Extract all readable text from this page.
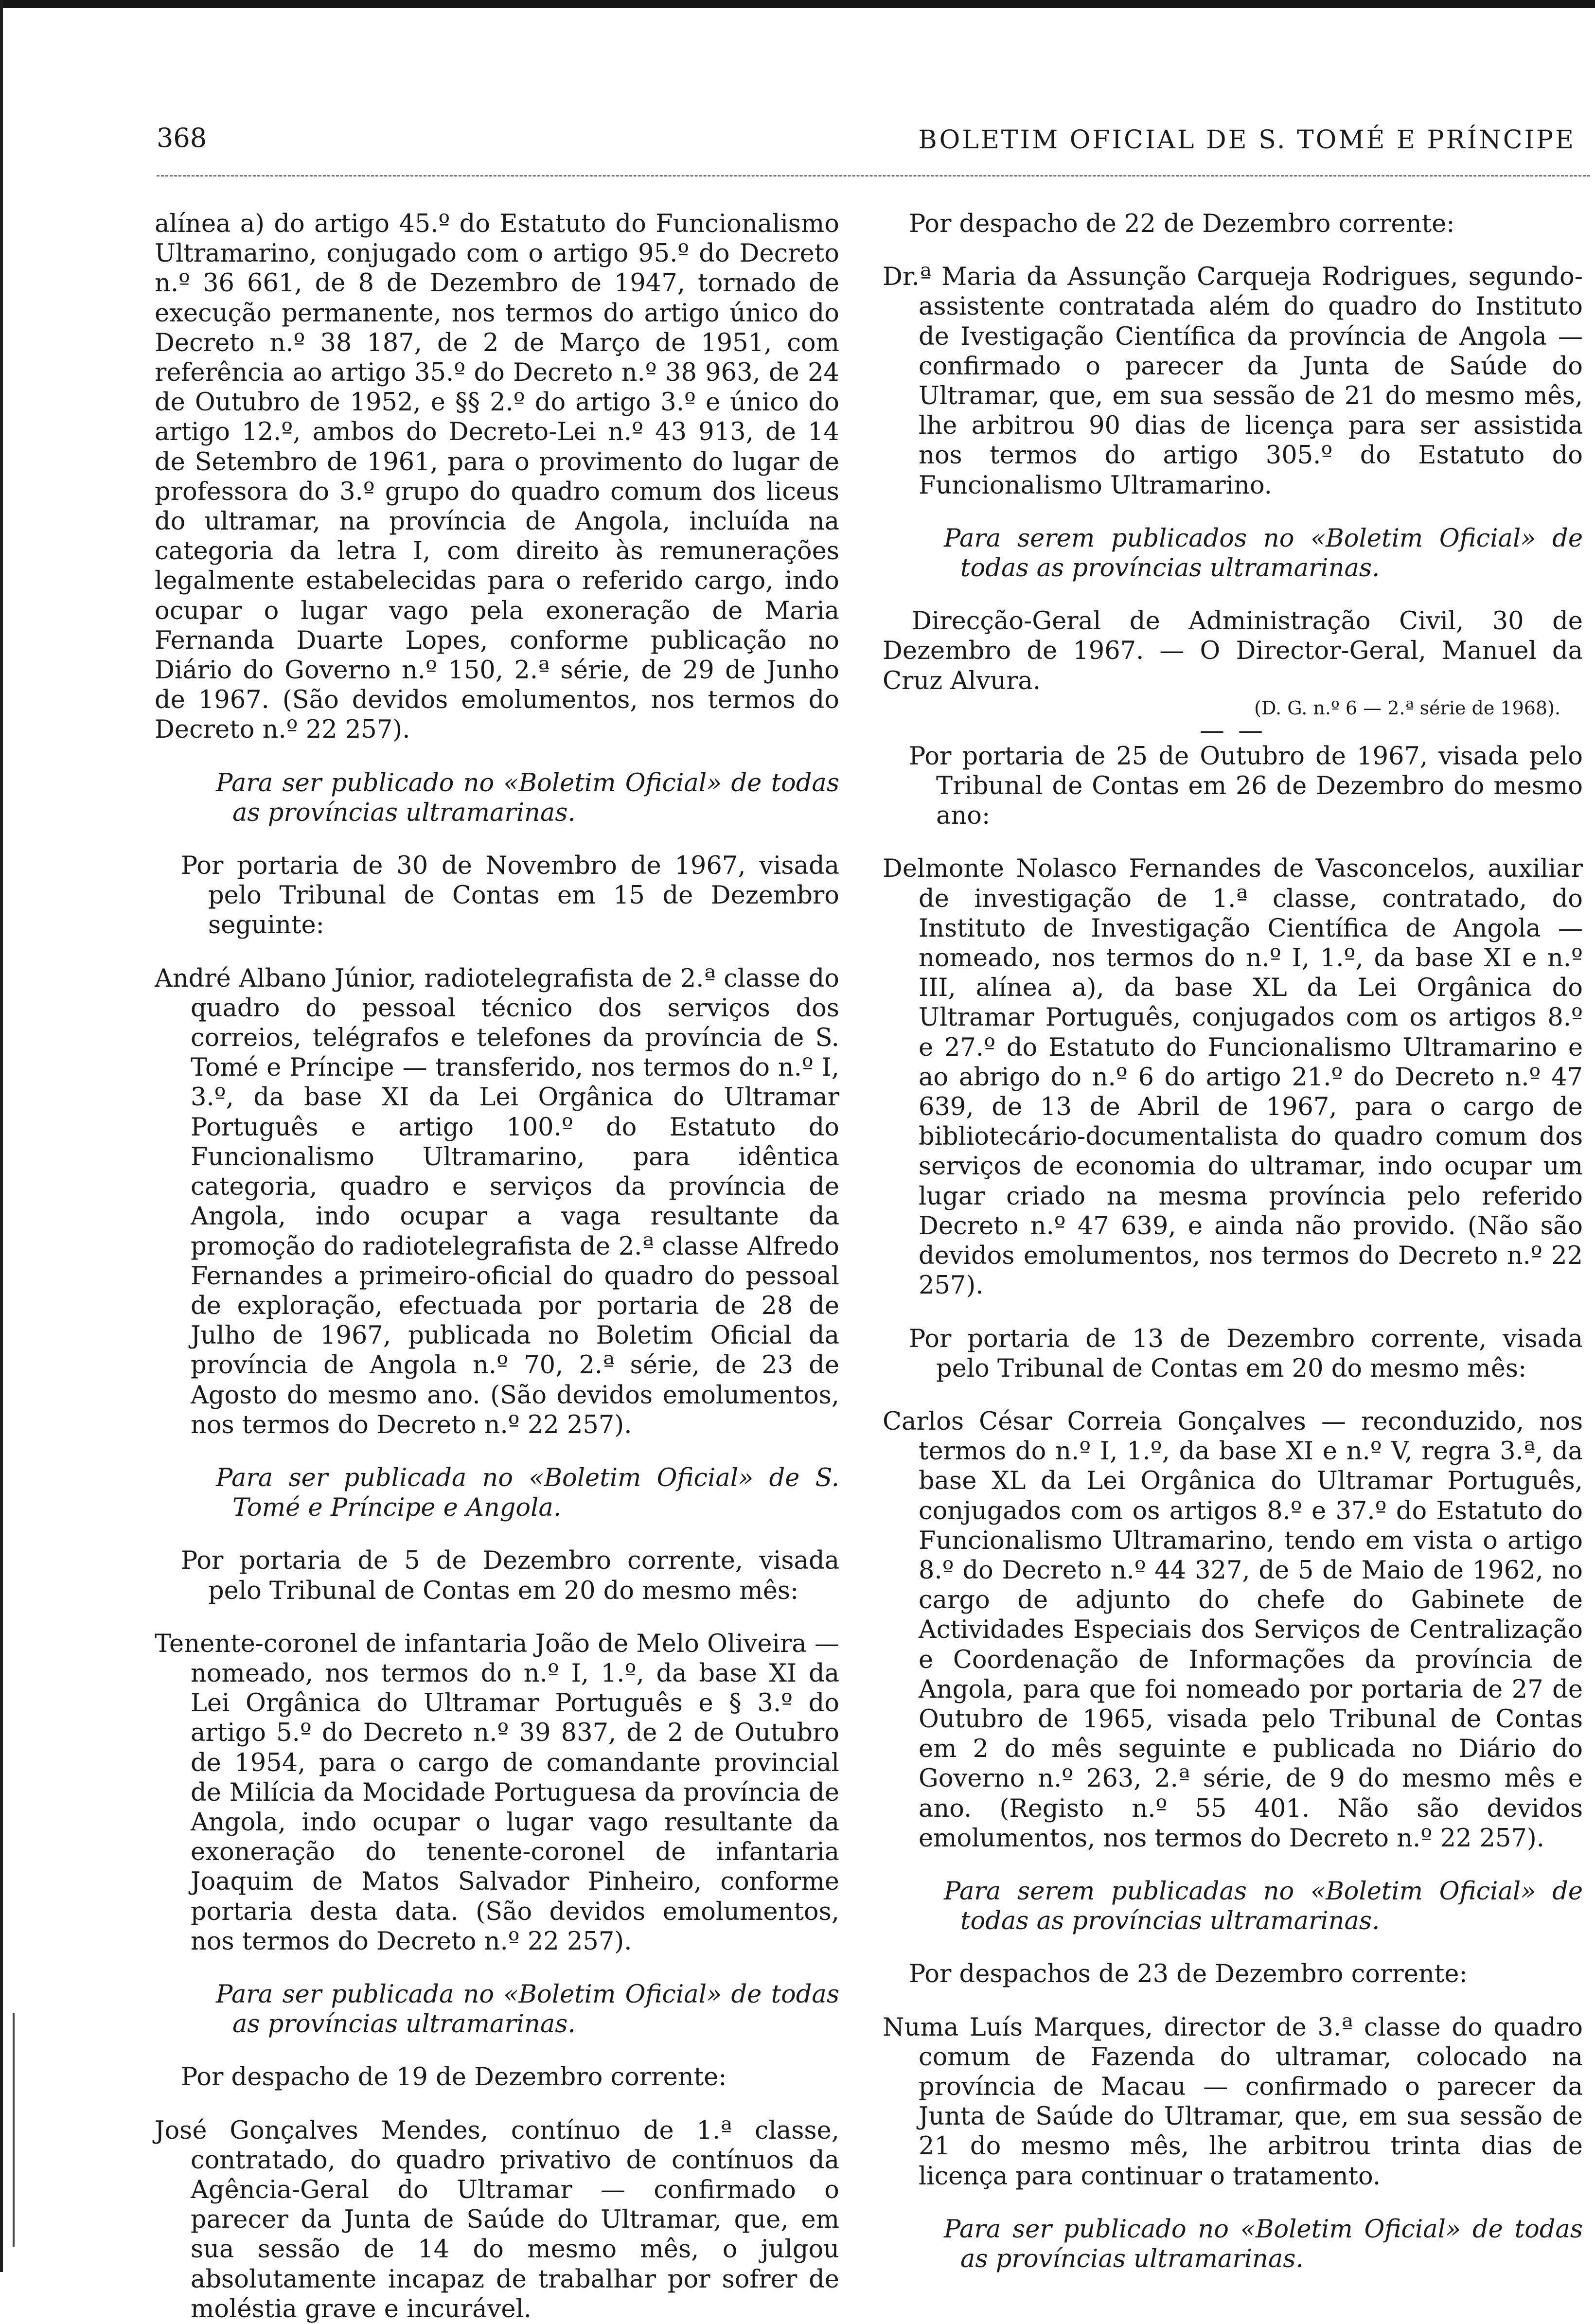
368	BOLETIM OFICIAL DE S. TOMÉ E PRÍNCIPE

alínea a) do artigo 45.º do Estatuto do Funcionalismo Ultramarino, conjugado com o artigo 95.º do Decreto n.º 36 661, de 8 de Dezembro de 1947, tornado de execução permanente, nos termos do artigo único do Decreto n.º 38 187, de 2 de Março de 1951, com referência ao artigo 35.º do Decreto n.º 38 963, de 24 de Outubro de 1952, e §§ 2.º do artigo 3.º e único do artigo 12.º, ambos do Decreto-Lei n.º 43 913, de 14 de Setembro de 1961, para o provimento do lugar de professora do 3.º grupo do quadro comum dos liceus do ultramar, na província de Angola, incluída na categoria da letra I, com direito às remunerações legalmente estabelecidas para o referido cargo, indo ocupar o lugar vago pela exoneração de Maria Fernanda Duarte Lopes, conforme publicação no Diário do Governo n.º 150, 2.ª série, de 29 de Junho de 1967. (São devidos emolumentos, nos termos do Decreto n.º 22 257).

Para ser publicado no «Boletim Oficial» de todas as províncias ultramarinas.

Por portaria de 30 de Novembro de 1967, visada pelo Tribunal de Contas em 15 de Dezembro seguinte:

André Albano Júnior, radiotelegrafista de 2.ª classe do quadro do pessoal técnico dos serviços dos correios, telégrafos e telefones da província de S. Tomé e Príncipe — transferido, nos termos do n.º I, 3.º, da base XI da Lei Orgânica do Ultramar Português e artigo 100.º do Estatuto do Funcionalismo Ultramarino, para idêntica categoria, quadro e serviços da província de Angola, indo ocupar a vaga resultante da promoção do radiotelegrafista de 2.ª classe Alfredo Fernandes a primeiro-oficial do quadro do pessoal de exploração, efectuada por portaria de 28 de Julho de 1967, publicada no Boletim Oficial da província de Angola n.º 70, 2.ª série, de 23 de Agosto do mesmo ano. (São devidos emolumentos, nos termos do Decreto n.º 22 257).

Para ser publicada no «Boletim Oficial» de S. Tomé e Príncipe e Angola.

Por portaria de 5 de Dezembro corrente, visada pelo Tribunal de Contas em 20 do mesmo mês:

Tenente-coronel de infantaria João de Melo Oliveira — nomeado, nos termos do n.º I, 1.º, da base XI da Lei Orgânica do Ultramar Português e § 3.º do artigo 5.º do Decreto n.º 39 837, de 2 de Outubro de 1954, para o cargo de comandante provincial de Milícia da Mocidade Portuguesa da província de Angola, indo ocupar o lugar vago resultante da exoneração do tenente-coronel de infantaria Joaquim de Matos Salvador Pinheiro, conforme portaria desta data. (São devidos emolumentos, nos termos do Decreto n.º 22 257).

Para ser publicada no «Boletim Oficial» de todas as províncias ultramarinas.

Por despacho de 19 de Dezembro corrente:

José Gonçalves Mendes, contínuo de 1.ª classe, contratado, do quadro privativo de contínuos da Agência-Geral do Ultramar — confirmado o parecer da Junta de Saúde do Ultramar, que, em sua sessão de 14 do mesmo mês, o julgou absolutamente incapaz de trabalhar por sofrer de moléstia grave e incurável.

Por despacho de 22 de Dezembro corrente:

Dr.ª Maria da Assunção Carqueja Rodrigues, segundo-assistente contratada além do quadro do Instituto de Ivestigação Científica da província de Angola — confirmado o parecer da Junta de Saúde do Ultramar, que, em sua sessão de 21 do mesmo mês, lhe arbitrou 90 dias de licença para ser assistida nos termos do artigo 305.º do Estatuto do Funcionalismo Ultramarino.

Para serem publicados no «Boletim Oficial» de todas as províncias ultramarinas.

Direcção-Geral de Administração Civil, 30 de Dezembro de 1967. — O Director-Geral, Manuel da Cruz Alvura.

(D. G. n.º 6 — 2.ª série de 1968).

— —

Por portaria de 25 de Outubro de 1967, visada pelo Tribunal de Contas em 26 de Dezembro do mesmo ano:

Delmonte Nolasco Fernandes de Vasconcelos, auxiliar de investigação de 1.ª classe, contratado, do Instituto de Investigação Científica de Angola — nomeado, nos termos do n.º I, 1.º, da base XI e n.º III, alínea a), da base XL da Lei Orgânica do Ultramar Português, conjugados com os artigos 8.º e 27.º do Estatuto do Funcionalismo Ultramarino e ao abrigo do n.º 6 do artigo 21.º do Decreto n.º 47 639, de 13 de Abril de 1967, para o cargo de bibliotecário-documentalista do quadro comum dos serviços de economia do ultramar, indo ocupar um lugar criado na mesma província pelo referido Decreto n.º 47 639, e ainda não provido. (Não são devidos emolumentos, nos termos do Decreto n.º 22 257).

Por portaria de 13 de Dezembro corrente, visada pelo Tribunal de Contas em 20 do mesmo mês:

Carlos César Correia Gonçalves — reconduzido, nos termos do n.º I, 1.º, da base XI e n.º V, regra 3.ª, da base XL da Lei Orgânica do Ultramar Português, conjugados com os artigos 8.º e 37.º do Estatuto do Funcionalismo Ultramarino, tendo em vista o artigo 8.º do Decreto n.º 44 327, de 5 de Maio de 1962, no cargo de adjunto do chefe do Gabinete de Actividades Especiais dos Serviços de Centralização e Coordenação de Informações da província de Angola, para que foi nomeado por portaria de 27 de Outubro de 1965, visada pelo Tribunal de Contas em 2 do mês seguinte e publicada no Diário do Governo n.º 263, 2.ª série, de 9 do mesmo mês e ano. (Registo n.º 55 401. Não são devidos emolumentos, nos termos do Decreto n.º 22 257).

Para serem publicadas no «Boletim Oficial» de todas as províncias ultramarinas.

Por despachos de 23 de Dezembro corrente:

Numa Luís Marques, director de 3.ª classe do quadro comum de Fazenda do ultramar, colocado na província de Macau — confirmado o parecer da Junta de Saúde do Ultramar, que, em sua sessão de 21 do mesmo mês, lhe arbitrou trinta dias de licença para continuar o tratamento.

Para ser publicado no «Boletim Oficial» de todas as províncias ultramarinas.
